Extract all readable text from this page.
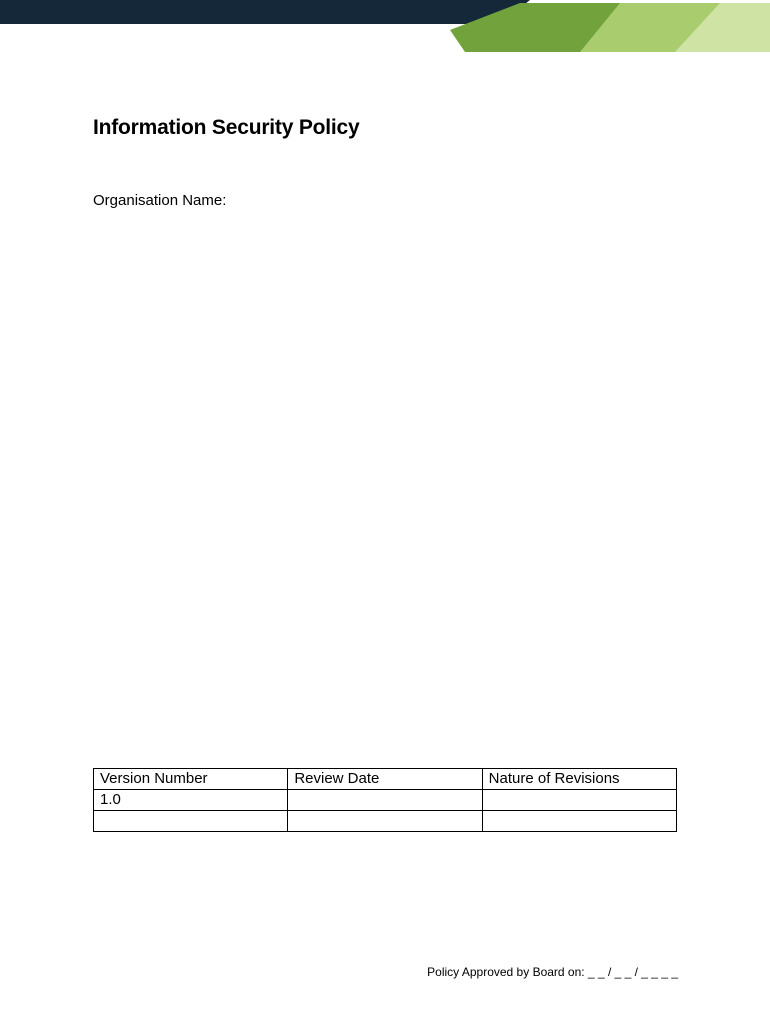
Information Security Policy
Organisation Name:
Version Number	Review Date	Nature of Revisions
1.0		

Policy Approved by Board on: _ _ / _ _ / _ _ _ _
